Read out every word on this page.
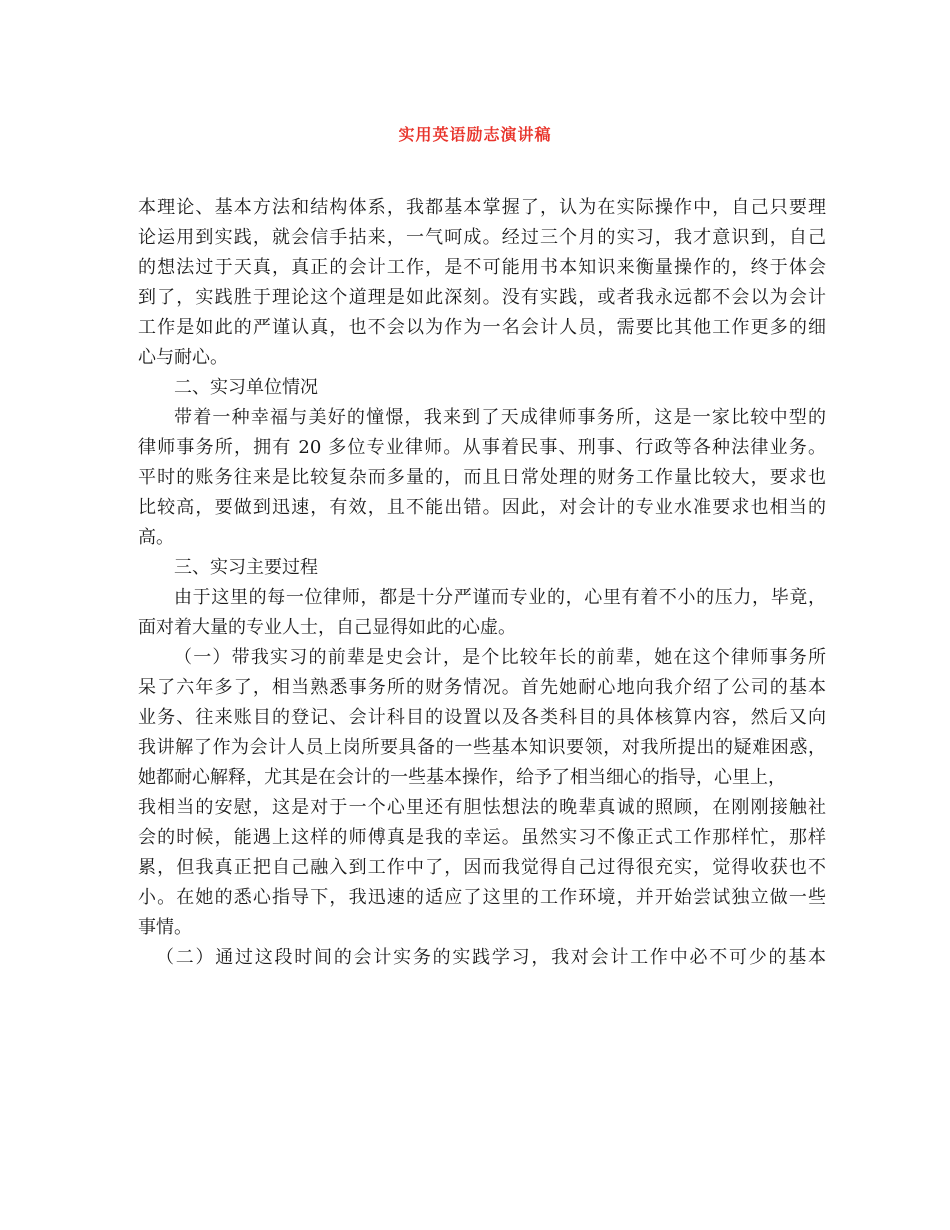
实用英语励志演讲稿
本理论、基本方法和结构体系，我都基本掌握了，认为在实际操作中，自己只要理
论运用到实践，就会信手拈来，一气呵成。经过三个月的实习，我才意识到，自己
的想法过于天真，真正的会计工作，是不可能用书本知识来衡量操作的，终于体会
到了，实践胜于理论这个道理是如此深刻。没有实践，或者我永远都不会以为会计
工作是如此的严谨认真，也不会以为作为一名会计人员，需要比其他工作更多的细
心与耐心。
二、实习单位情况
带着一种幸福与美好的憧憬，我来到了天成律师事务所，这是一家比较中型的
律师事务所，拥有 20 多位专业律师。从事着民事、刑事、行政等各种法律业务。
平时的账务往来是比较复杂而多量的，而且日常处理的财务工作量比较大，要求也
比较高，要做到迅速，有效，且不能出错。因此，对会计的专业水准要求也相当的
高。
三、实习主要过程
由于这里的每一位律师，都是十分严谨而专业的，心里有着不小的压力，毕竟，
面对着大量的专业人士，自己显得如此的心虚。
（一）带我实习的前辈是史会计，是个比较年长的前辈，她在这个律师事务所
呆了六年多了，相当熟悉事务所的财务情况。首先她耐心地向我介绍了公司的基本
业务、往来账目的登记、会计科目的设置以及各类科目的具体核算内容，然后又向
我讲解了作为会计人员上岗所要具备的一些基本知识要领，对我所提出的疑难困惑，
她都耐心解释，尤其是在会计的一些基本操作，给予了相当细心的指导，心里上，
我相当的安慰，这是对于一个心里还有胆怯想法的晚辈真诚的照顾，在刚刚接触社
会的时候，能遇上这样的师傅真是我的幸运。虽然实习不像正式工作那样忙，那样
累，但我真正把自己融入到工作中了，因而我觉得自己过得很充实，觉得收获也不
小。在她的悉心指导下，我迅速的适应了这里的工作环境，并开始尝试独立做一些
事情。
（二）通过这段时间的会计实务的实践学习，我对会计工作中必不可少的基本
